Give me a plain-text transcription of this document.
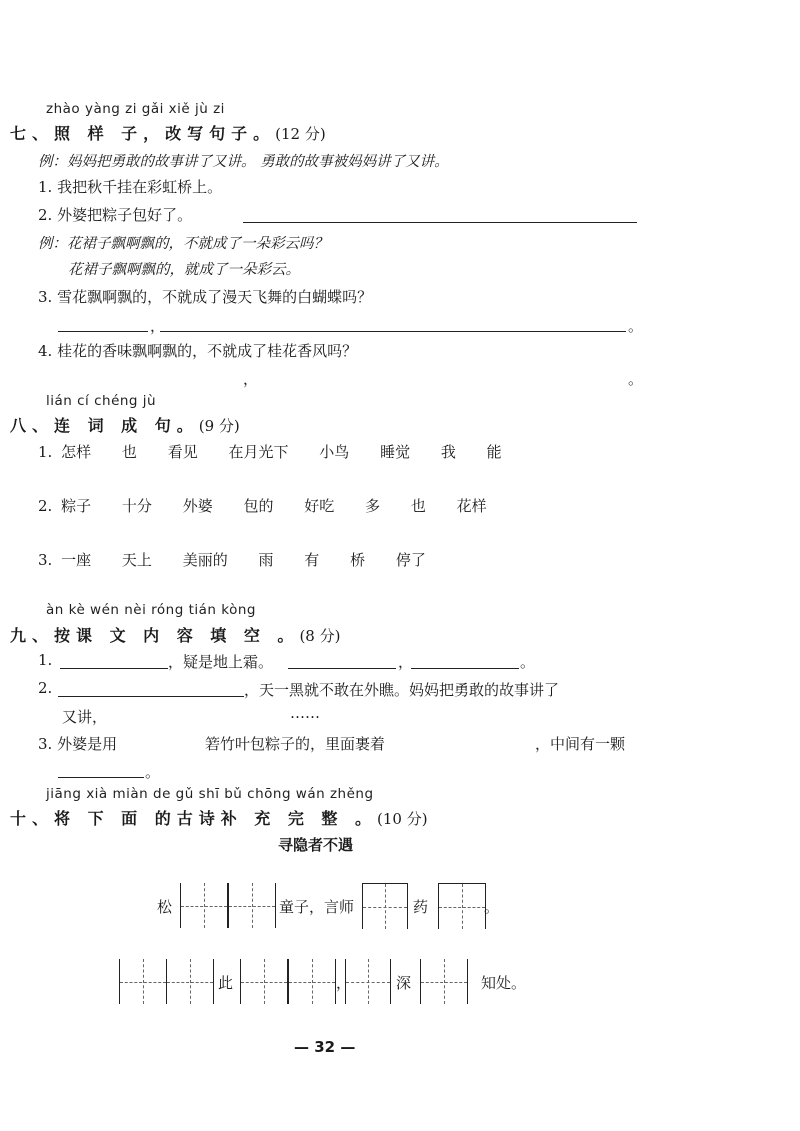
zhào yàng zi gǎi xiě jù zi
七、照 样 子，改写句子。(12 分)
例：妈妈把勇敢的故事讲了又讲。 勇敢的故事被妈妈讲了又讲。
1. 我把秋千挂在彩虹桥上。
2. 外婆把粽子包好了。
例：花裙子飘啊飘的，不就成了一朵彩云吗？
花裙子飘啊飘的，就成了一朵彩云。
3. 雪花飘啊飘的，不就成了漫天飞舞的白蝴蝶吗？
，	。
4. 桂花的香味飘啊飘的，不就成了桂花香风吗？
，	。
lián cí chéng jù
八、连 词 成 句。(9 分)
1. 怎样 也 看见 在月光下 小鸟 睡觉 我 能
2. 粽子 十分 外婆 包的 好吃 多 也 花样
3. 一座 天上 美丽的 雨 有 桥 停了
àn kè wén nèi róng tián kòng
九、按课 文 内 容 填 空 。(8 分)
1.	，疑是地上霜。	，	。
2.	，天一黑就不敢在外瞧。妈妈把勇敢的故事讲了
又讲，	……
3. 外婆是用	箬竹叶包粽子的，里面裹着	，中间有一颗
。
jiāng xià miàn de gǔ shī bǔ chōng wán zhěng
十、将 下 面 的古诗补 充 完 整 。(10 分)
寻隐者不遇
松	童子，言师	药	。
此	，	深	知处。
— 32 —
